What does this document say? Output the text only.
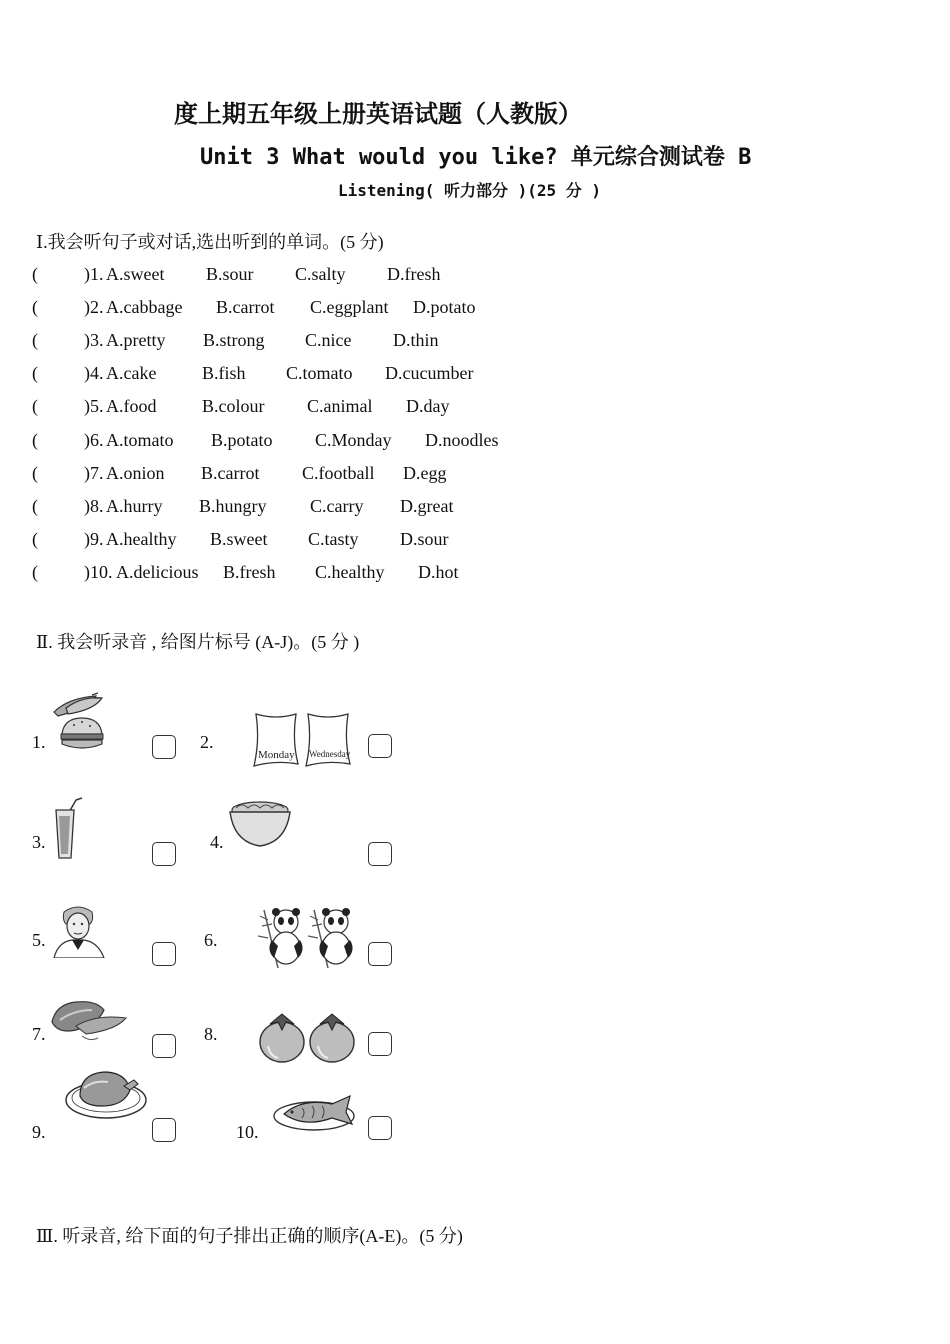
度上期五年级上册英语试题（人教版）
Unit 3 What would you like? 单元综合测试卷 B
Listening( 听力部分 )(25 分 )
Ⅰ.我会听句子或对话,选出听到的单词。(5 分)
(	)1. A.sweet B.sour C.salty D.fresh
(	)2. A.cabbage B.carrot C.eggplant D.potato
(	)3. A.pretty B.strong C.nice D.thin
(	)4. A.cake	B.fish C.tomato D.cucumber
(	)5. A.food	B.colour C.animal D.day
(	)6. A.tomato B.potato C.Monday D.noodles
(	)7. A.onion B.carrot C.football D.egg
(	)8. A.hurry B.hungry C.carry D.great
(	)9. A.healthy B.sweet C.tasty D.sour
(	)10. A.delicious B.fresh C.healthy D.hot
Ⅱ. 我会听录音 , 给图片标号 (A-J)。(5 分 )
1.	2.
Monday Wednesday
3.	4.
5.	6.
7.	8.
9.	10.
Ⅲ. 听录音, 给下面的句子排出正确的顺序(A-E)。(5 分)
